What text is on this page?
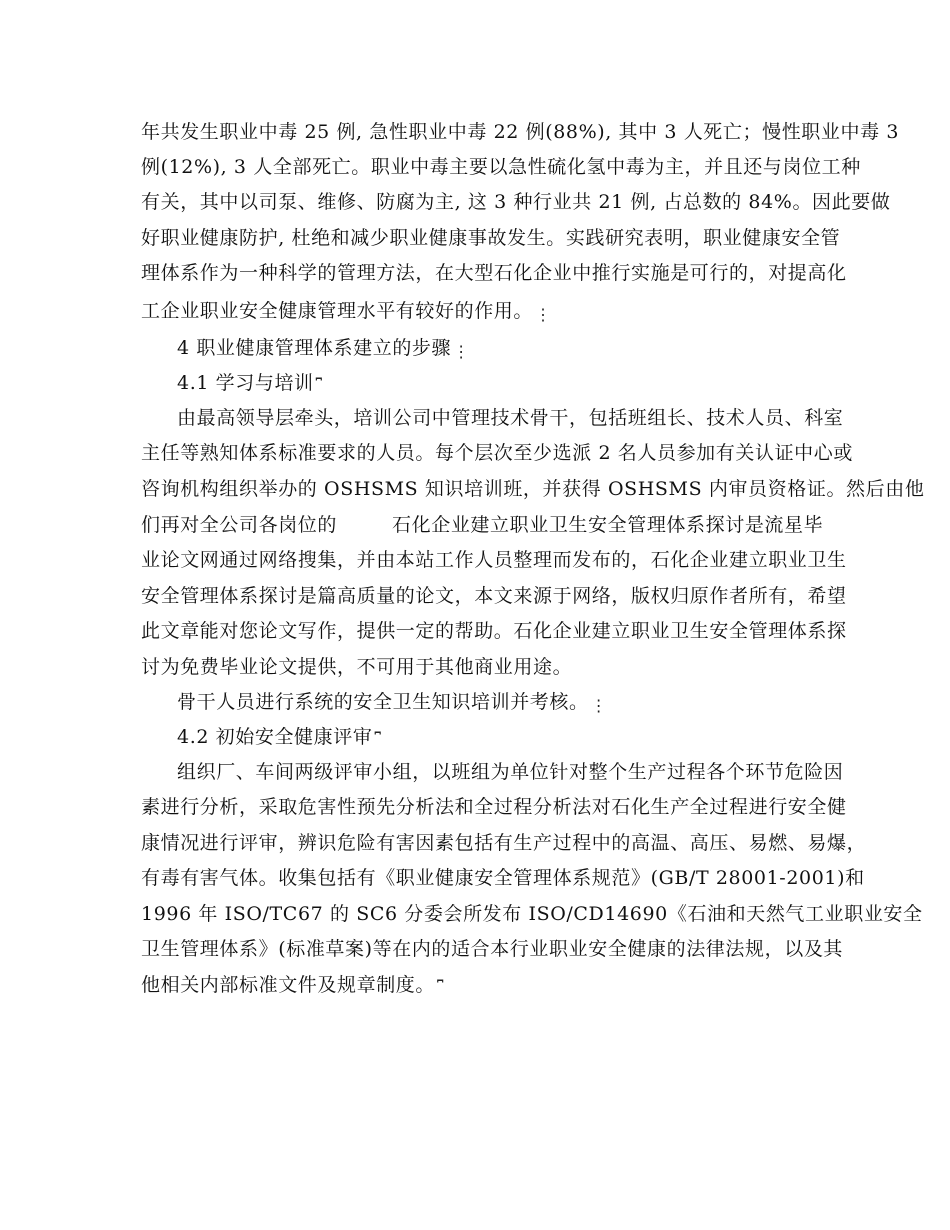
年共发生职业中毒 25 例, 急性职业中毒 22 例(88%), 其中 3 人死亡；慢性职业中毒 3
例(12%), 3 人全部死亡。职业中毒主要以急性硫化氢中毒为主，并且还与岗位工种
有关，其中以司泵、维修、防腐为主, 这 3 种行业共 21 例, 占总数的 84%。因此要做
好职业健康防护, 杜绝和减少职业健康事故发生。实践研究表明，职业健康安全管
理体系作为一种科学的管理方法，在大型石化企业中推行实施是可行的，对提高化
工企业职业安全健康管理水平有较好的作用。 ⋮
4 职业健康管理体系建立的步骤 ⋮
4.1 学习与培训 ⎴
由最高领导层牵头，培训公司中管理技术骨干，包括班组长、技术人员、科室
主任等熟知体系标准要求的人员。每个层次至少选派 2 名人员参加有关认证中心或
咨询机构组织举办的 OSHSMS 知识培训班，并获得 OSHSMS 内审员资格证。然后由他
们再对全公司各岗位的	石化企业建立职业卫生安全管理体系探讨是流星毕
业论文网通过网络搜集，并由本站工作人员整理而发布的，石化企业建立职业卫生
安全管理体系探讨是篇高质量的论文，本文来源于网络，版权归原作者所有，希望
此文章能对您论文写作，提供一定的帮助。石化企业建立职业卫生安全管理体系探
讨为免费毕业论文提供，不可用于其他商业用途。
骨干人员进行系统的安全卫生知识培训并考核。 ⋮
4.2 初始安全健康评审 ⎴
组织厂、车间两级评审小组，以班组为单位针对整个生产过程各个环节危险因
素进行分析，采取危害性预先分析法和全过程分析法对石化生产全过程进行安全健
康情况进行评审，辨识危险有害因素包括有生产过程中的高温、高压、易燃、易爆，
有毒有害气体。收集包括有《职业健康安全管理体系规范》(GB/T 28001-2001)和
1996 年 ISO/TC67 的 SC6 分委会所发布 ISO/CD14690《石油和天然气工业职业安全
卫生管理体系》(标准草案)等在内的适合本行业职业安全健康的法律法规，以及其
他相关内部标准文件及规章制度。 ⎴
